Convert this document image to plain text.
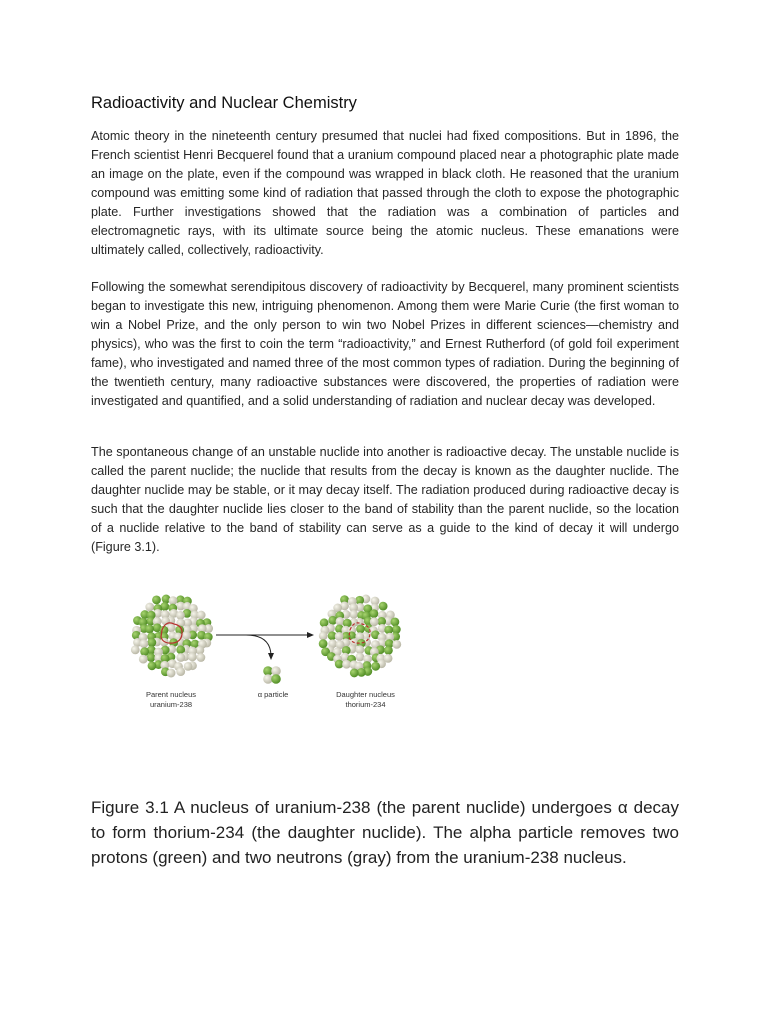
Radioactivity and Nuclear Chemistry

Atomic theory in the nineteenth century presumed that nuclei had fixed compositions. But in 1896, the French scientist Henri Becquerel found that a uranium compound placed near a photographic plate made an image on the plate, even if the compound was wrapped in black cloth. He reasoned that the uranium compound was emitting some kind of radiation that passed through the cloth to expose the photographic plate. Further investigations showed that the radiation was a combination of particles and electromagnetic rays, with its ultimate source being the atomic nucleus. These emanations were ultimately called, collectively, radioactivity.

Following the somewhat serendipitous discovery of radioactivity by Becquerel, many prominent scientists began to investigate this new, intriguing phenomenon. Among them were Marie Curie (the first woman to win a Nobel Prize, and the only person to win two Nobel Prizes in different sciences—chemistry and physics), who was the first to coin the term “radioactivity,” and Ernest Rutherford (of gold foil experiment fame), who investigated and named three of the most common types of radiation. During the beginning of the twentieth century, many radioactive substances were discovered, the properties of radiation were investigated and quantified, and a solid understanding of radiation and nuclear decay was developed.

The spontaneous change of an unstable nuclide into another is radioactive decay. The unstable nuclide is called the parent nuclide; the nuclide that results from the decay is known as the daughter nuclide. The daughter nuclide may be stable, or it may decay itself. The radiation produced during radioactive decay is such that the daughter nuclide lies closer to the band of stability than the parent nuclide, so the location of a nuclide relative to the band of stability can serve as a guide to the kind of decay it will undergo (Figure 3.1).

Parent nucleus
uranium-238
α particle	Daughter nucleus
thorium-234

Figure 3.1 A nucleus of uranium-238 (the parent nuclide) undergoes α decay to form thorium-234 (the daughter nuclide). The alpha particle removes two protons (green) and two neutrons (gray) from the uranium-238 nucleus.
